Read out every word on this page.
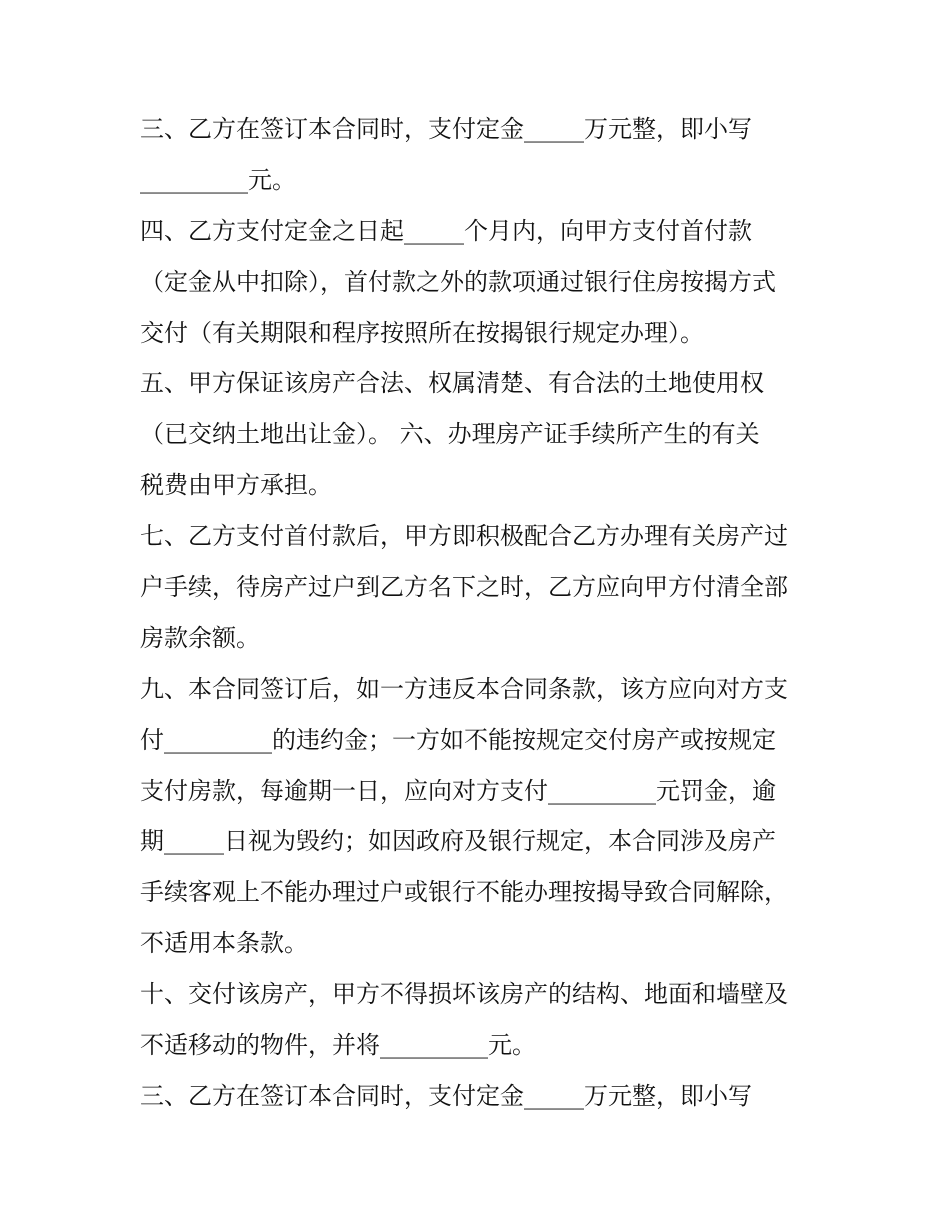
三、乙方在签订本合同时，支付定金_____万元整，即小写
_________元。
四、乙方支付定金之日起_____个月内，向甲方支付首付款
（定金从中扣除），首付款之外的款项通过银行住房按揭方式
交付（有关期限和程序按照所在按揭银行规定办理）。
五、甲方保证该房产合法、权属清楚、有合法的土地使用权
（已交纳土地出让金）。 六、办理房产证手续所产生的有关
税费由甲方承担。
七、乙方支付首付款后，甲方即积极配合乙方办理有关房产过
户手续，待房产过户到乙方名下之时，乙方应向甲方付清全部
房款余额。
九、本合同签订后，如一方违反本合同条款，该方应向对方支
付_________的违约金；一方如不能按规定交付房产或按规定
支付房款，每逾期一日，应向对方支付_________元罚金，逾
期_____日视为毁约；如因政府及银行规定，本合同涉及房产
手续客观上不能办理过户或银行不能办理按揭导致合同解除，
不适用本条款。
十、交付该房产，甲方不得损坏该房产的结构、地面和墙壁及
不适移动的物件，并将_________元。
三、乙方在签订本合同时，支付定金_____万元整，即小写
